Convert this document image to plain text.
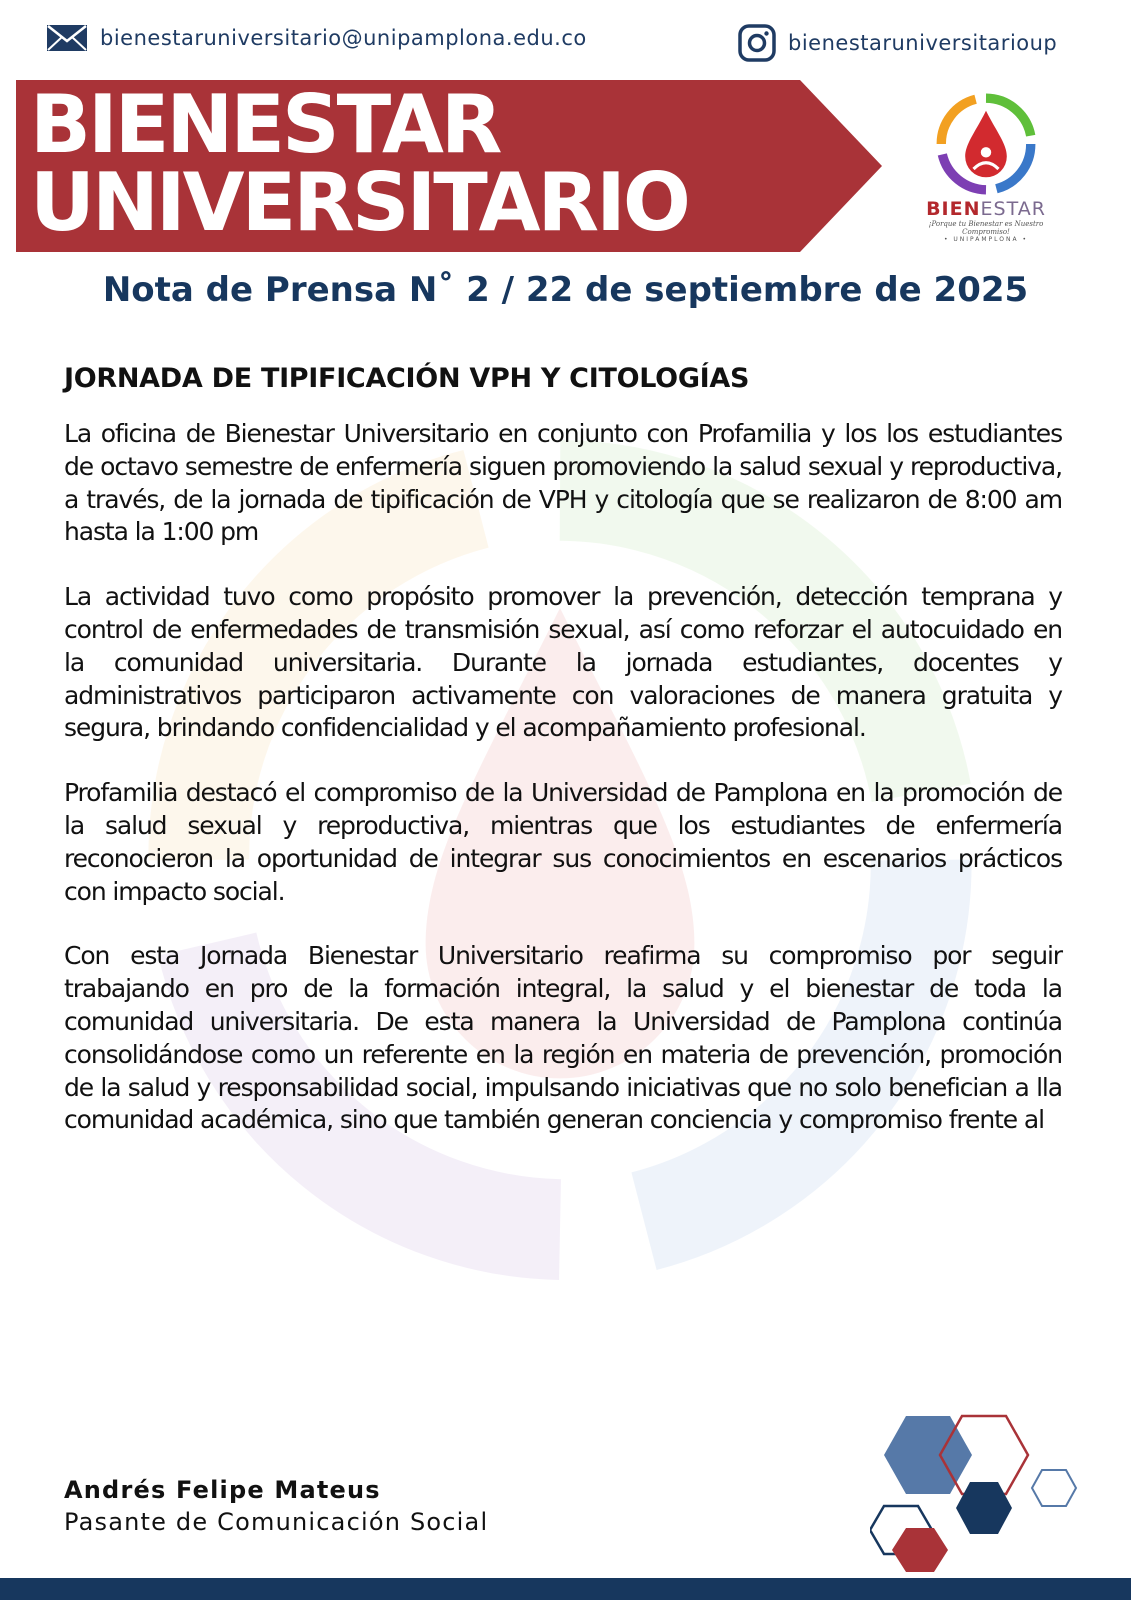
bienestaruniversitario@unipamplona.edu.co	bienestaruniversitarioup
BIENESTAR
UNIVERSITARIO	BIENESTAR
¡Porque tu Bienestar es Nuestro Compromiso!
• UNIPAMPLONA •
Nota de Prensa N˚ 2 / 22 de septiembre de 2025
JORNADA DE TIPIFICACIÓN VPH Y CITOLOGÍAS

La oficina de Bienestar Universitario en conjunto con Profamilia y los los estudiantes de octavo semestre de enfermería siguen promoviendo la salud sexual y reproductiva, a través, de la jornada de tipificación de VPH y citología que se realizaron de 8:00 am hasta la 1:00 pm

La actividad tuvo como propósito promover la prevención, detección temprana y control de enfermedades de transmisión sexual, así como reforzar el autocuidado en la comunidad universitaria. Durante la jornada estudiantes, docentes y administrativos participaron activamente con valoraciones de manera gratuita y segura, brindando confidencialidad y el acompañamiento profesional.

Profamilia destacó el compromiso de la Universidad de Pamplona en la promoción de la salud sexual y reproductiva, mientras que los estudiantes de enfermería reconocieron la oportunidad de integrar sus conocimientos en escenarios prácticos con impacto social.

Con esta Jornada Bienestar Universitario reafirma su compromiso por seguir trabajando en pro de la formación integral, la salud y el bienestar de toda la comunidad universitaria. De esta manera la Universidad de Pamplona continúa consolidándose como un referente en la región en materia de prevención, promoción de la salud y responsabilidad social, impulsando iniciativas que no solo benefician a lla comunidad académica, sino que también generan conciencia y compromiso frente al

Andrés Felipe Mateus
Pasante de Comunicación Social
